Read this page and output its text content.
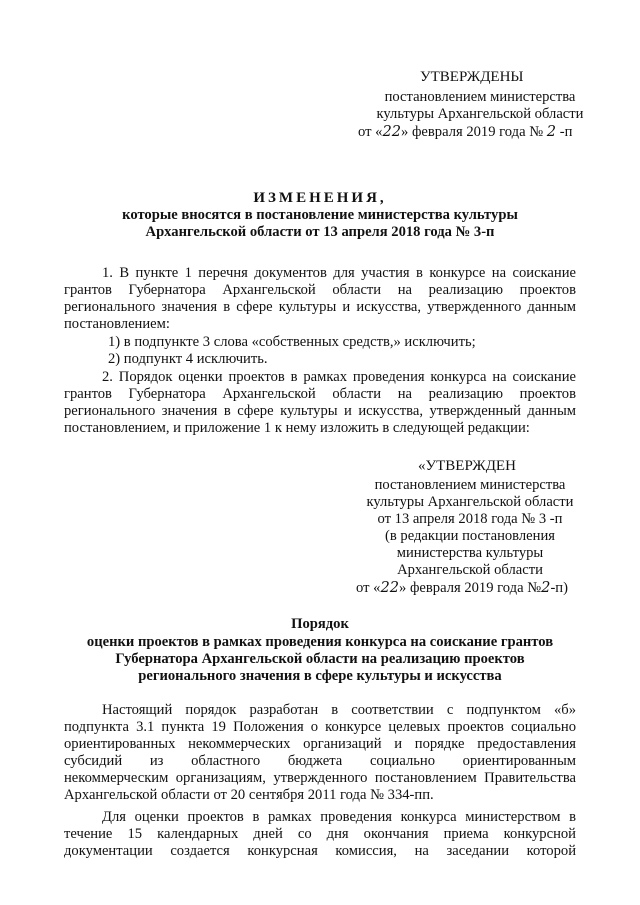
УТВЕРЖДЕНЫ
постановлением министерства
культуры Архангельской области
от «22» февраля 2019 года № 2 -п
ИЗМЕНЕНИЯ,
которые вносятся в постановление министерства культуры
Архангельской области от 13 апреля 2018 года № 3-п
1. В пункте 1 перечня документов для участия в конкурсе на соискание
грантов Губернатора Архангельской области на реализацию проектов
регионального значения в сфере культуры и искусства, утвержденного данным
постановлением:
1) в подпункте 3 слова «собственных средств,» исключить;
2) подпункт 4 исключить.
2. Порядок оценки проектов в рамках проведения конкурса на соискание
грантов Губернатора Архангельской области на реализацию проектов
регионального значения в сфере культуры и искусства, утвержденный данным
постановлением, и приложение 1 к нему изложить в следующей редакции:
«УТВЕРЖДЕН
постановлением министерства
культуры Архангельской области
от 13 апреля 2018 года № 3 -п
(в редакции постановления
министерства культуры
Архангельской области
от «22» февраля 2019 года №2-п)
Порядок
оценки проектов в рамках проведения конкурса на соискание грантов
Губернатора Архангельской области на реализацию проектов
регионального значения в сфере культуры и искусства
Настоящий порядок разработан в соответствии с подпунктом «б»
подпункта 3.1 пункта 19 Положения о конкурсе целевых проектов социально
ориентированных некоммерческих организаций и порядке предоставления
субсидий из областного бюджета социально ориентированным
некоммерческим организациям, утвержденного постановлением Правительства
Архангельской области от 20 сентября 2011 года № 334-пп.
Для оценки проектов в рамках проведения конкурса министерством в
течение 15 календарных дней со дня окончания приема конкурсной
документации создается конкурсная комиссия, на заседании которой
